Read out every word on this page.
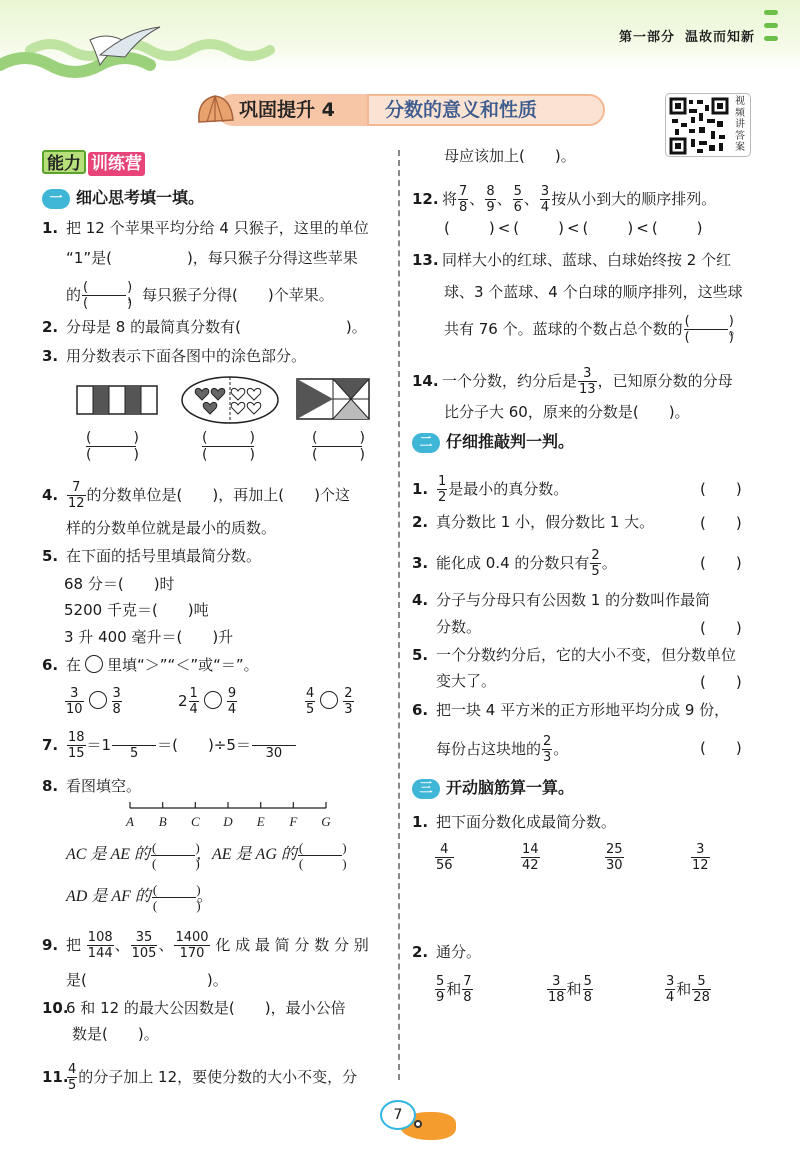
第一部分 温故而知新
巩固提升 4	分数的意义和性质	视
频
讲
答
案
能力 训练营
一 细心思考填一填。
1. 把 12 个苹果平均分给 4 只猴子，这里的单位
“1”是(　　　　　)，每只猴子分得这些苹果
的 $\frac{( )}{( )}$ ，每只猴子分得(　　)个苹果。
2. 分母是 8 的最简真分数有(　　　　　　　)。
3. 用分数表示下面各图中的涂色部分。
(　　　)
(　　　)
(　　　)
(　　　)
(　　　)
(　　　)
4. $\frac{7}{12}$ 的分数单位是(　　)，再加上(　　)个这
样的分数单位就是最小的质数。
5. 在下面的括号里填最简分数。
68 分＝(　　)时
5200 千克＝(　　)吨
3 升 400 毫升＝(　　)升
6. 在 里填“＞”“＜”或“＝”。
$\frac{3}{10} \frac{3}{8}$	$2 \frac{1}{4} \frac{9}{4}$	$\frac{4}{5} \frac{2}{3}$
7. $\frac{18}{15} =1$
 	5	＝(　　)÷5＝
 	30
8. 看图填空。
A B C D E F G
AC 是 AE 的 $\frac{( )}{( )}$ ，AE 是 AG 的 $\frac{( )}{( )}$
AD 是 AF 的 $\frac{( )}{( )}$ 。
9. 把 $\frac{108}{144}$ 、 $\frac{35}{105}$ 、 $\frac{1400}{170}$ 化 成 最 简 分 数 分 别
是(　　　　　　　　)。
10.6 和 12 的最大公因数是(　　)，最小公倍
数是(　　)。
11.
$\frac{4}{5}$ 的分子加上 12，要使分数的大小不变，分
母应该加上(　　)。
12. 将 $\frac{7}{8}$ 、 $\frac{8}{9}$ 、 $\frac{5}{6}$ 、 $\frac{3}{4}$ 按从小到大的顺序排列。
(　　)<(　　)<(　　)<(　　)
13. 同样大小的红球、蓝球、白球始终按 2 个红
球、3 个蓝球、4 个白球的顺序排列，这些球
共有 76 个。蓝球的个数占总个数的 $\frac{( )}{( )}$ 。
14. 一个分数，约分后是 $\frac{3}{13}$ ，已知原分数的分母
比分子大 60，原来的分数是(　　)。
二 仔细推敲判一判。
1. $\frac{1}{2}$ 是最小的真分数。	(　　)
2. 真分数比 1 小，假分数比 1 大。	(　　)
3. 能化成 0.4 的分数只有 $\frac{2}{5}$ 。	(　　)
4. 分子与分母只有公因数 1 的分数叫作最简
分数。	(　　)
5. 一个分数约分后，它的大小不变，但分数单位
变大了。	(　　)
6. 把一块 4 平方米的正方形地平均分成 9 份，
每份占这块地的 $\frac{2}{3}$ 。	(　　)
三 开动脑筋算一算。
1. 把下面分数化成最简分数。
$\frac{4}{56}$	$\frac{14}{42}$	$\frac{25}{30}$	$\frac{3}{12}$
2. 通分。
$\frac{5}{9}$ 和 $\frac{7}{8}$	$\frac{3}{18}$ 和 $\frac{5}{8}$	$\frac{3}{4}$ 和 $\frac{5}{28}$
7
